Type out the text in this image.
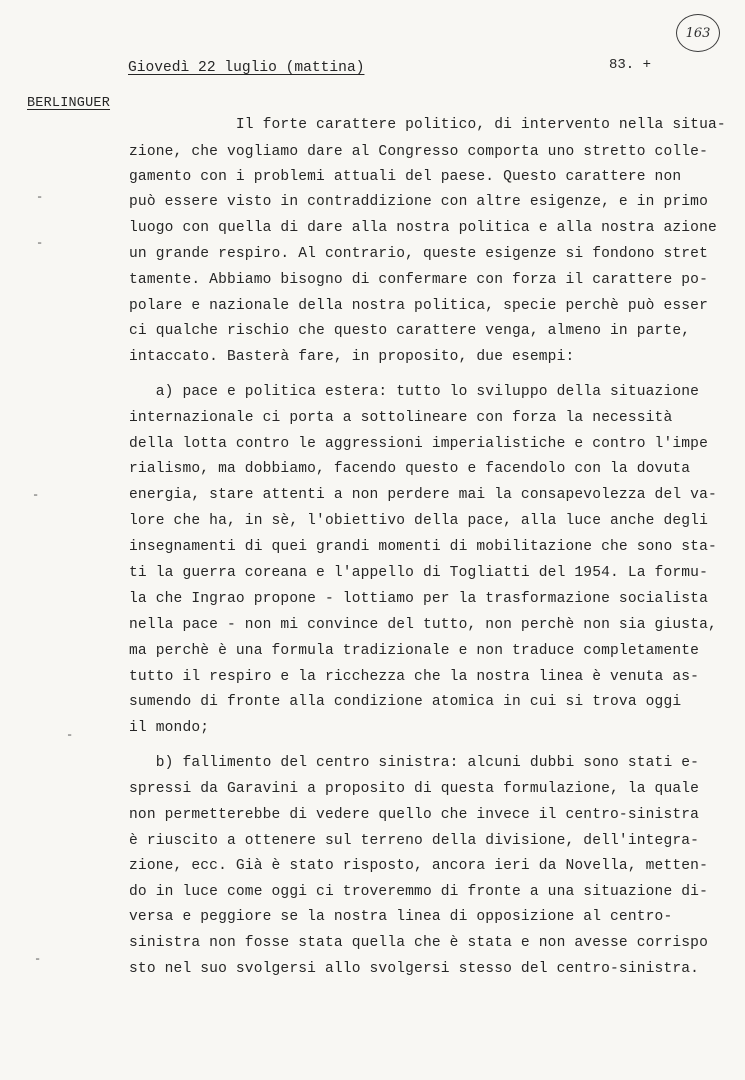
163
Giovedì 22 luglio (mattina)	83. +
BERLINGUER
Il forte carattere politico, di intervento nella situa-
zione, che vogliamo dare al Congresso comporta uno stretto colle-
gamento con i problemi attuali del paese. Questo carattere non
può essere visto in contraddizione con altre esigenze, e in primo
luogo con quella di dare alla nostra politica e alla nostra azione
un grande respiro. Al contrario, queste esigenze si fondono stret
tamente. Abbiamo bisogno di confermare con forza il carattere po-
polare e nazionale della nostra politica, specie perchè può esser
ci qualche rischio che questo carattere venga, almeno in parte,
intaccato. Basterà fare, in proposito, due esempi:
a) pace e politica estera: tutto lo sviluppo della situazione
internazionale ci porta a sottolineare con forza la necessità
della lotta contro le aggressioni imperialistiche e contro l'impe
rialismo, ma dobbiamo, facendo questo e facendolo con la dovuta
energia, stare attenti a non perdere mai la consapevolezza del va-
lore che ha, in sè, l'obiettivo della pace, alla luce anche degli
insegnamenti di quei grandi momenti di mobilitazione che sono sta-
ti la guerra coreana e l'appello di Togliatti del 1954. La formu-
la che Ingrao propone - lottiamo per la trasformazione socialista
nella pace - non mi convince del tutto, non perchè non sia giusta,
ma perchè è una formula tradizionale e non traduce completamente
tutto il respiro e la ricchezza che la nostra linea è venuta as-
sumendo di fronte alla condizione atomica in cui si trova oggi
il mondo;
b) fallimento del centro sinistra: alcuni dubbi sono stati e-
spressi da Garavini a proposito di questa formulazione, la quale
non permetterebbe di vedere quello che invece il centro-sinistra
è riuscito a ottenere sul terreno della divisione, dell'integra-
zione, ecc. Già è stato risposto, ancora ieri da Novella, metten-
do in luce come oggi ci troveremmo di fronte a una situazione di-
versa e peggiore se la nostra linea di opposizione al centro-
sinistra non fosse stata quella che è stata e non avesse corrispo
sto nel suo svolgersi allo svolgersi stesso del centro-sinistra.
-
-
-
-
-
